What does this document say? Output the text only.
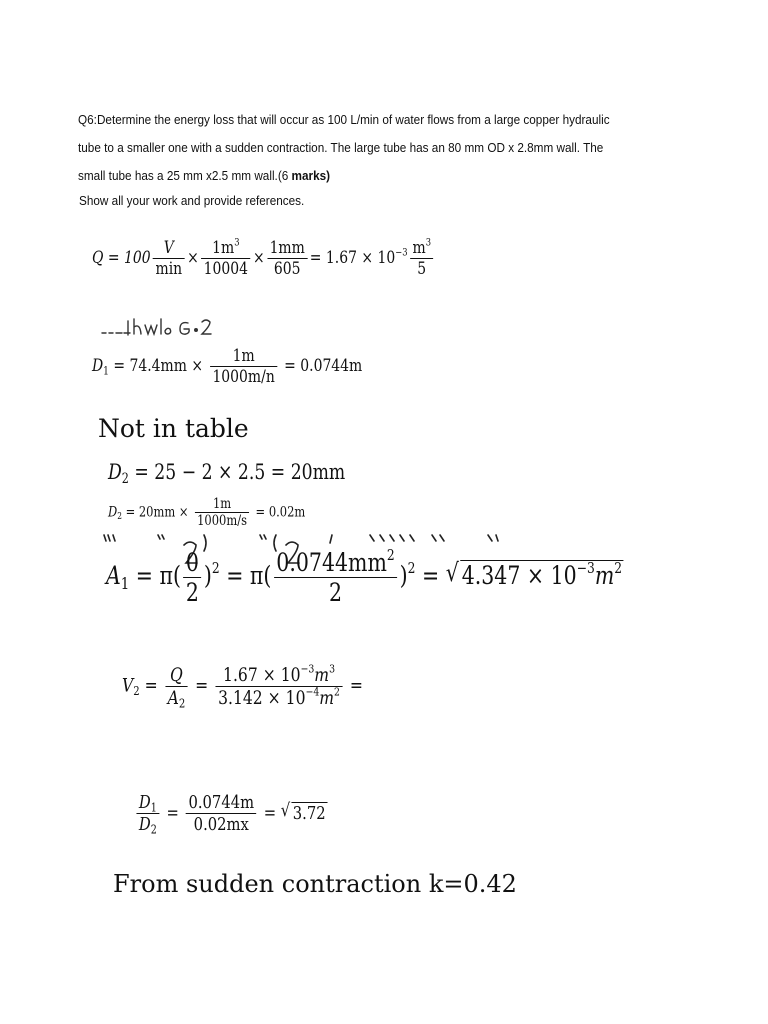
Q6:Determine the energy loss that will occur as 100 L/min of water flows from a large copper hydraulic
tube to a smaller one with a sudden contraction. The large tube has an 80 mm OD x 2.8mm wall. The
small tube has a 25 mm x2.5 mm wall.(6 marks)
Show all your work and provide references.
$Q = 100 \frac{V}{\min} \times \frac{1m^3}{10004} \times \frac{1mm}{605} = 1.67 \times 10^{-3} \frac{m^3}{5}$
$D_1 = 74.4mm \times \frac{1m}{1000m/n} = 0.0744m$
Not in table
$D_2 = 25 - 2 \times 2.5 = 20mm$
$D_2 = 20mm \times \frac{1m}{1000m/s} = 0.02m$
$A_1 = \pi( \frac{0}{2} )^2 = \pi( \frac{0.0744mm^2}{2} )^2$ = √ $4.347 \times 10^{-3}m^2$
$V_2 = \frac{Q}{A_2} = \frac{1.67 \times 10^{-3}m^3}{3.142 \times 10^{-4}m^2}$ =
$\frac{D_1}{D_2} = \frac{0.0744m}{0.02mx}$ = √ 3.72
From sudden contraction k=0.42
